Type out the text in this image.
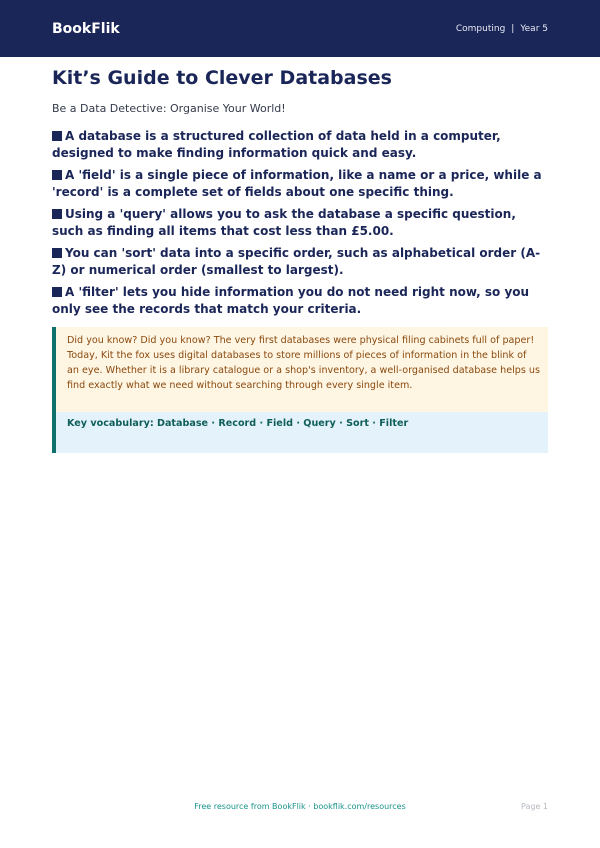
BookFlik	Computing | Year 5
Kit’s Guide to Clever Databases

Be a Data Detective: Organise Your World!

A database is a structured collection of data held in a computer, designed to make finding information quick and easy.
A 'field' is a single piece of information, like a name or a price, while a 'record' is a complete set of fields about one specific thing.
Using a 'query' allows you to ask the database a specific question, such as finding all items that cost less than £5.00.
You can 'sort' data into a specific order, such as alphabetical order (A-Z) or numerical order (smallest to largest).
A 'filter' lets you hide information you do not need right now, so you only see the records that match your criteria.
Did you know? Did you know? The very first databases were physical filing cabinets full of paper! Today, Kit the fox uses digital databases to store millions of pieces of information in the blink of an eye. Whether it is a library catalogue or a shop's inventory, a well-organised database helps us find exactly what we need without searching through every single item.
Key vocabulary: Database · Record · Field · Query · Sort · Filter
Free resource from BookFlik · bookflik.com/resources	Page 1
